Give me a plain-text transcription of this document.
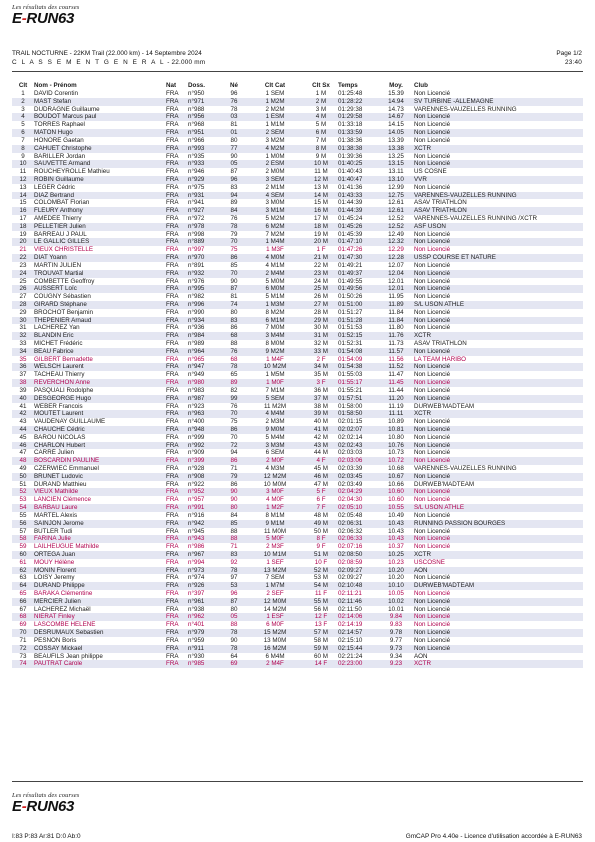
Les résultats des courses
E-RUN63
TRAIL NOCTURNE - 22KM Trail (22.000 km) - 14 Septembre 2024
C L A S S E M E N T G E N E R A L - 22.000 mm
Page 1/2
23:40
Clt	Nom - Prénom	Nat	Doss.	Né	Clt Cat	Clt Sx	Temps	Moy.	Club
1	DAVID Corentin	FRA	n°950	96	1 SEM	1 M	01:25:48	15.39	Non Licencié
2	MAST Stefan	FRA	n°971	76	1 M2M	2 M	01:28:22	14.94	SV TURBINE -ALLEMAGNE
3	DUDRAGNE Guillaume	FRA	n°988	78	2 M2M	3 M	01:29:38	14.73	VARENNES-VAUZELLES RUNNING
4	BOUDOT Marcus paul	FRA	n°956	03	1 ESM	4 M	01:29:58	14.67	Non Licencié
5	TORRES Raphael	FRA	n°968	81	1 M1M	5 M	01:33:18	14.15	Non Licencié
6	MATON Hugo	FRA	n°951	01	2 SEM	6 M	01:33:59	14.05	Non Licencié
7	HONORE Gaetan	FRA	n°966	80	3 M2M	7 M	01:38:36	13.39	Non Licencié
8	CAHUET Christophe	FRA	n°993	77	4 M2M	8 M	01:38:38	13.38	XCTR
9	BARILLER Jordan	FRA	n°935	90	1 M0M	9 M	01:39:36	13.25	Non Licencié
10	SAUVETTE Armand	FRA	n°933	05	2 ESM	10 M	01:40:25	13.15	Non Licencié
11	ROUCHEYROLLE Mathieu	FRA	n°946	87	2 M0M	11 M	01:40:43	13.11	US COSNE
12	ROBIN Guillaume	FRA	n°929	96	3 SEM	12 M	01:40:47	13.10	VVR
13	LEGER Cédric	FRA	n°975	83	2 M1M	13 M	01:41:36	12.99	Non Licencié
14	DIAZ Bertrand	FRA	n°931	94	4 SEM	14 M	01:43:33	12.75	VARENNES-VAUZELLES RUNNING
15	COLOMBAT Florian	FRA	n°941	89	3 M0M	15 M	01:44:39	12.61	ASAV TRIATHLON
16	FLEURY Anthony	FRA	n°927	84	3 M1M	16 M	01:44:39	12.61	ASAV TRIATHLON
17	AMÉDÉE Thierry	FRA	n°972	76	5 M2M	17 M	01:45:24	12.52	VARENNES-VAUZELLES RUNNING /XCTR
18	PELLETIER Julien	FRA	n°978	78	6 M2M	18 M	01:45:26	12.52	ASF USON
19	BARREAU J PAUL	FRA	n°998	79	7 M2M	19 M	01:45:39	12.49	Non Licencié
20	LE GALLIC GILLES	FRA	n°889	70	1 M4M	20 M	01:47:10	12.32	Non Licencié
21	VIEUX CHRISTELLE	FRA	n°997	75	1 M3F	1 F	01:47:26	12.29	Non Licencié
22	DIAT Yoann	FRA	n°970	86	4 M0M	21 M	01:47:30	12.28	USSP COURSE ET NATURE
23	MARTIN JULIEN	FRA	n°891	85	4 M1M	22 M	01:49:21	12.07	Non Licencié
24	TROUVAT Martial	FRA	n°932	70	2 M4M	23 M	01:49:37	12.04	Non Licencié
25	COMBETTE Geoffroy	FRA	n°976	90	5 M0M	24 M	01:49:55	12.01	Non Licencié
26	AUSSERT Loïc	FRA	n°995	87	6 M0M	25 M	01:49:56	12.01	Non Licencié
27	COUGNY Sébastien	FRA	n°982	81	5 M1M	26 M	01:50:26	11.95	Non Licencié
28	GIRARD Stéphane	FRA	n°996	74	1 M3M	27 M	01:51:00	11.89	S/L USON ATHLE
29	BROCHOT Benjamin	FRA	n°990	80	8 M2M	28 M	01:51:27	11.84	Non Licencié
30	THEPENIER Arnaud	FRA	n°934	83	6 M1M	29 M	01:51:28	11.84	Non Licencié
31	LACHEREZ Yan	FRA	n°936	86	7 M0M	30 M	01:51:53	11.80	Non Licencié
32	BLANDIN Eric	FRA	n°984	68	3 M4M	31 M	01:52:15	11.76	XCTR
33	MICHET Frédéric	FRA	n°989	88	8 M0M	32 M	01:52:31	11.73	ASAV TRIATHLON
34	BEAU Fabrice	FRA	n°964	76	9 M2M	33 M	01:54:08	11.57	Non Licencié
35	GILBERT Bernadette	FRA	n°965	68	1 M4F	2 F	01:54:09	11.56	LA TEAM HARIBO
36	WELSCH Laurent	FRA	n°947	78	10 M2M	34 M	01:54:38	11.52	Non Licencié
37	TACHEAU Thierry	FRA	n°949	65	1 M5M	35 M	01:55:03	11.47	Non Licencié
38	REVERCHON Anne	FRA	n°980	89	1 M0F	3 F	01:55:17	11.45	Non Licencié
39	PASQUALI Rodolphe	FRA	n°983	82	7 M1M	36 M	01:55:21	11.44	Non Licencié
40	DESGEORGE Hugo	FRA	n°987	99	5 SEM	37 M	01:57:51	11.20	Non Licencié
41	WEBER Francois	FRA	n°923	76	11 M2M	38 M	01:58:00	11.19	DURWEB'MADTEAM
42	MOUTET Laurent	FRA	n°963	70	4 M4M	39 M	01:58:50	11.11	XCTR
43	VAUDENAY GUILLAUME	FRA	n°400	75	2 M3M	40 M	02:01:15	10.89	Non Licencié
44	CHAUCHE Cédric	FRA	n°948	86	9 M0M	41 M	02:02:07	10.81	Non Licencié
45	BAROU NICOLAS	FRA	n°999	70	5 M4M	42 M	02:02:14	10.80	Non Licencié
46	CHARLON Hubert	FRA	n°992	72	3 M3M	43 M	02:02:43	10.76	Non Licencié
47	CARRÉ Julien	FRA	n°909	94	6 SEM	44 M	02:03:03	10.73	Non Licencié
48	BOSCARDIN PAULINE	FRA	n°399	86	2 M0F	4 F	02:03:06	10.72	Non Licencié
49	CZERWIEC Emmanuel	FRA	n°928	71	4 M3M	45 M	02:03:39	10.68	VARENNES-VAUZELLES RUNNING
50	BRUNET Ludovic	FRA	n°908	79	12 M2M	46 M	02:03:45	10.67	Non Licencié
51	DURAND Matthieu	FRA	n°922	86	10 M0M	47 M	02:03:49	10.66	DURWEB'MADTEAM
52	VIEUX Mathilde	FRA	n°952	90	3 M0F	5 F	02:04:29	10.60	Non Licencié
53	LANCIEN Clémence	FRA	n°957	90	4 M0F	6 F	02:04:30	10.60	Non Licencié
54	BARBAU Laure	FRA	n°991	80	1 M2F	7 F	02:05:10	10.55	S/L USON ATHLE
55	MARTEL Alexis	FRA	n°916	84	8 M1M	48 M	02:05:48	10.49	Non Licencié
56	SAINJON Jerome	FRA	n°942	85	9 M1M	49 M	02:06:31	10.43	RUNNING PASSION BOURGES
57	BUTLER Tudi	FRA	n°945	88	11 M0M	50 M	02:06:32	10.43	Non Licencié
58	FARINA Julie	FRA	n°943	88	5 M0F	8 F	02:06:33	10.43	Non Licencié
59	LAILHEUGUE Mathilde	FRA	n°986	71	2 M3F	9 F	02:07:16	10.37	Non Licencié
60	ORTEGA Juan	FRA	n°967	83	10 M1M	51 M	02:08:50	10.25	XCTR
61	MOUY Hélène	FRA	n°994	92	1 SEF	10 F	02:08:59	10.23	USCOSNE
62	MONIN Florent	FRA	n°973	78	13 M2M	52 M	02:09:27	10.20	AON
63	LOISY Jeremy	FRA	n°974	97	7 SEM	53 M	02:09:27	10.20	Non Licencié
64	DURAND Philippe	FRA	n°926	53	1 M7M	54 M	02:10:48	10.10	DURWEB'MADTEAM
65	BARAKA Clémentine	FRA	n°397	96	2 SEF	11 F	02:11:21	10.05	Non Licencié
66	MERCIER Julien	FRA	n°961	87	12 M0M	55 M	02:11:46	10.02	Non Licencié
67	LACHEREZ Michaël	FRA	n°938	80	14 M2M	56 M	02:11:50	10.01	Non Licencié
68	NIERAT Finley	FRA	n°962	05	1 ESF	12 F	02:14:06	9.84	Non Licencié
69	LASCOMBE HELENE	FRA	n°401	88	6 M0F	13 F	02:14:19	9.83	Non Licencié
70	DESRUMAUX Sebastien	FRA	n°979	78	15 M2M	57 M	02:14:57	9.78	Non Licencié
71	PESNON Boris	FRA	n°959	90	13 M0M	58 M	02:15:10	9.77	Non Licencié
72	COSSAY Mickael	FRA	n°911	78	16 M2M	59 M	02:15:44	9.73	Non Licencié
73	BEAUFILS Jean philippe	FRA	n°930	64	6 M4M	60 M	02:21:24	9.34	AON
74	PAUTRAT Carole	FRA	n°985	69	2 M4F	14 F	02:23:00	9.23	XCTR
Les résultats des courses
E-RUN63
I:83 P:83 Ar:81 D:0 Ab:0	GmCAP Pro 4.40e - Licence d'utilisation accordée à E-RUN63
